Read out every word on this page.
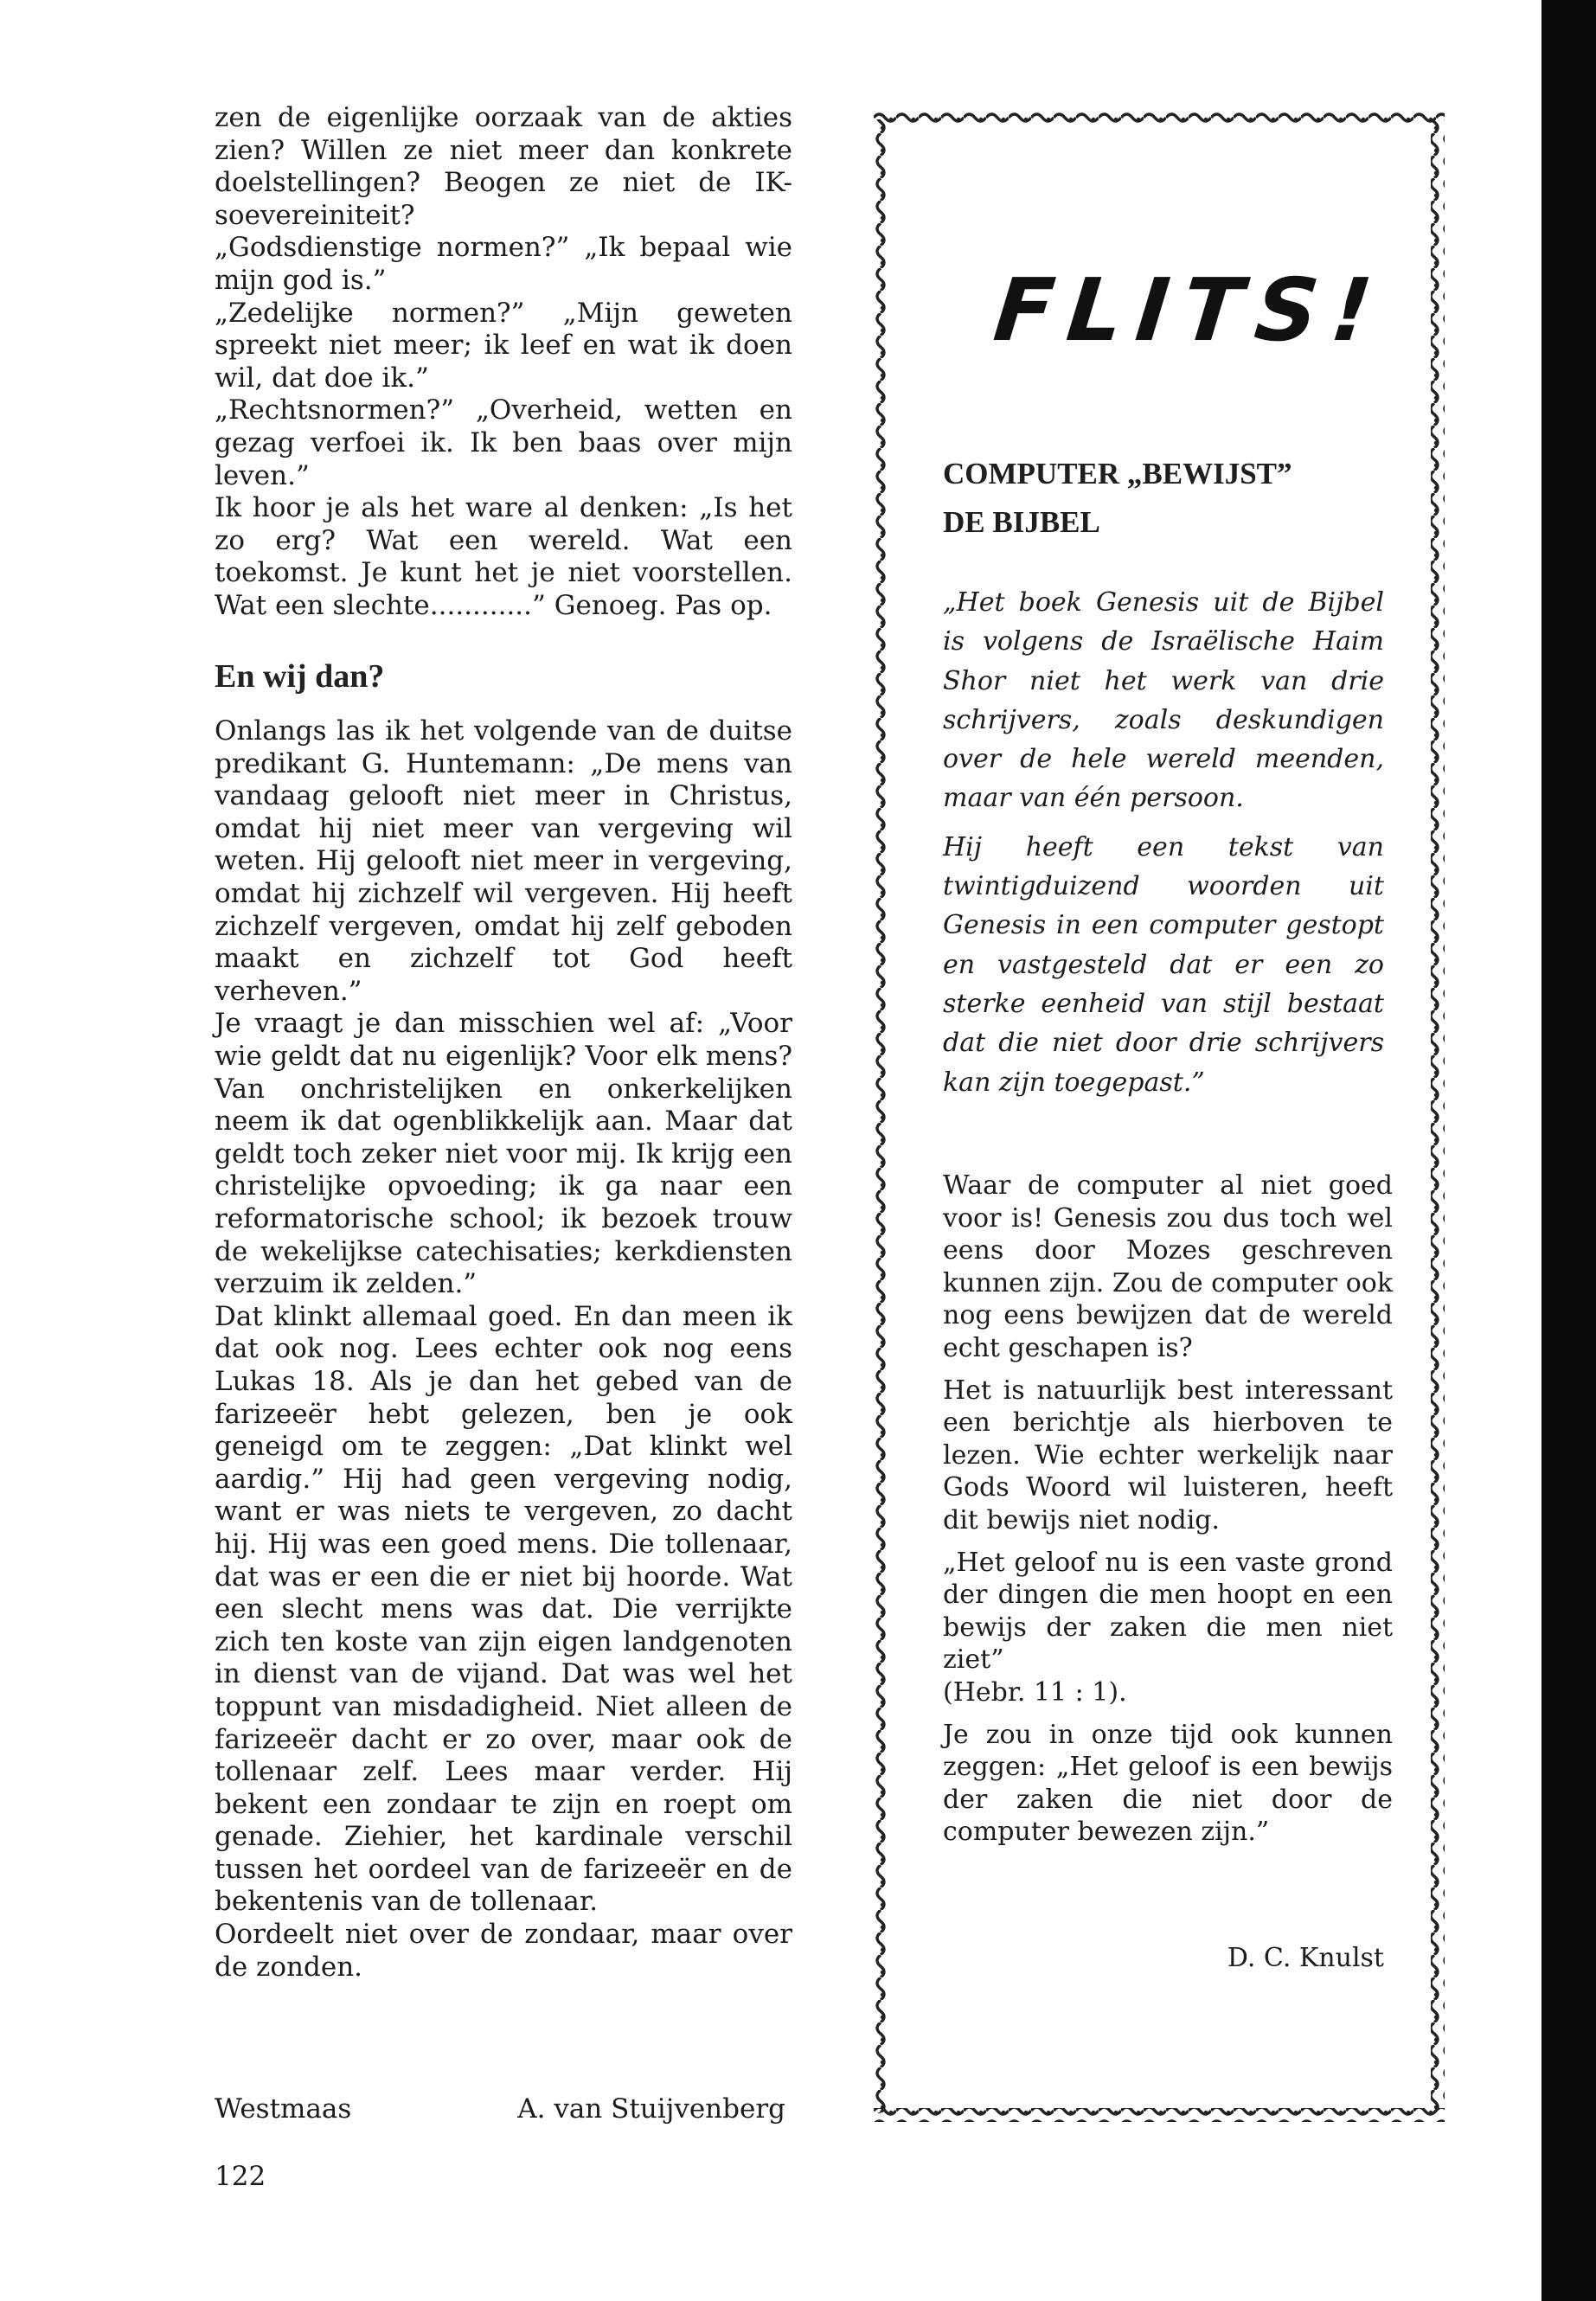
zen de eigenlijke oorzaak van de akties zien? Willen ze niet meer dan konkrete doelstellingen? Beogen ze niet de IK-soevereiniteit?

„Godsdienstige normen?” „Ik bepaal wie mijn god is.”

„Zedelijke normen?” „Mijn geweten spreekt niet meer; ik leef en wat ik doen wil, dat doe ik.”

„Rechtsnormen?” „Overheid, wetten en gezag verfoei ik. Ik ben baas over mijn leven.”

Ik hoor je als het ware al denken: „Is het zo erg? Wat een wereld. Wat een toekomst. Je kunt het je niet voorstellen. Wat een slechte............” Genoeg. Pas op.

En wij dan?

Onlangs las ik het volgende van de duitse predikant G. Huntemann: „De mens van vandaag gelooft niet meer in Christus, omdat hij niet meer van vergeving wil weten. Hij gelooft niet meer in vergeving, omdat hij zichzelf wil vergeven. Hij heeft zichzelf vergeven, omdat hij zelf geboden maakt en zichzelf tot God heeft verheven.”

Je vraagt je dan misschien wel af: „Voor wie geldt dat nu eigenlijk? Voor elk mens? Van onchristelijken en onkerkelijken neem ik dat ogenblikkelijk aan. Maar dat geldt toch zeker niet voor mij. Ik krijg een christelijke opvoeding; ik ga naar een reformatorische school; ik bezoek trouw de wekelijkse catechisaties; kerkdiensten verzuim ik zelden.”

Dat klinkt allemaal goed. En dan meen ik dat ook nog. Lees echter ook nog eens Lukas 18. Als je dan het gebed van de farizeeër hebt gelezen, ben je ook geneigd om te zeggen: „Dat klinkt wel aardig.” Hij had geen vergeving nodig, want er was niets te vergeven, zo dacht hij. Hij was een goed mens. Die tollenaar, dat was er een die er niet bij hoorde. Wat een slecht mens was dat. Die verrijkte zich ten koste van zijn eigen landgenoten in dienst van de vijand. Dat was wel het toppunt van misdadigheid. Niet alleen de farizeeër dacht er zo over, maar ook de tollenaar zelf. Lees maar verder. Hij bekent een zondaar te zijn en roept om genade. Ziehier, het kardinale verschil tussen het oordeel van de farizeeër en de bekentenis van de tollenaar.

Oordeelt niet over de zondaar, maar over de zonden.

Westmaas	A. van Stuijvenberg
122
FLITS!
COMPUTER „BEWIJST”
DE BIJBEL

„Het boek Genesis uit de Bijbel is volgens de Israëlische Haim Shor niet het werk van drie schrijvers, zoals deskundigen over de hele wereld meenden, maar van één persoon.

Hij heeft een tekst van twintigduizend woorden uit Genesis in een computer gestopt en vastgesteld dat er een zo sterke eenheid van stijl bestaat dat die niet door drie schrijvers kan zijn toegepast.”

Waar de computer al niet goed voor is! Genesis zou dus toch wel eens door Mozes geschreven kunnen zijn. Zou de computer ook nog eens bewijzen dat de wereld echt geschapen is?

Het is natuurlijk best interessant een berichtje als hierboven te lezen. Wie echter werkelijk naar Gods Woord wil luisteren, heeft dit bewijs niet nodig.

„Het geloof nu is een vaste grond der dingen die men hoopt en een bewijs der zaken die men niet ziet”

(Hebr. 11 : 1).

Je zou in onze tijd ook kunnen zeggen: „Het geloof is een bewijs der zaken die niet door de computer bewezen zijn.”

D. C. Knulst
